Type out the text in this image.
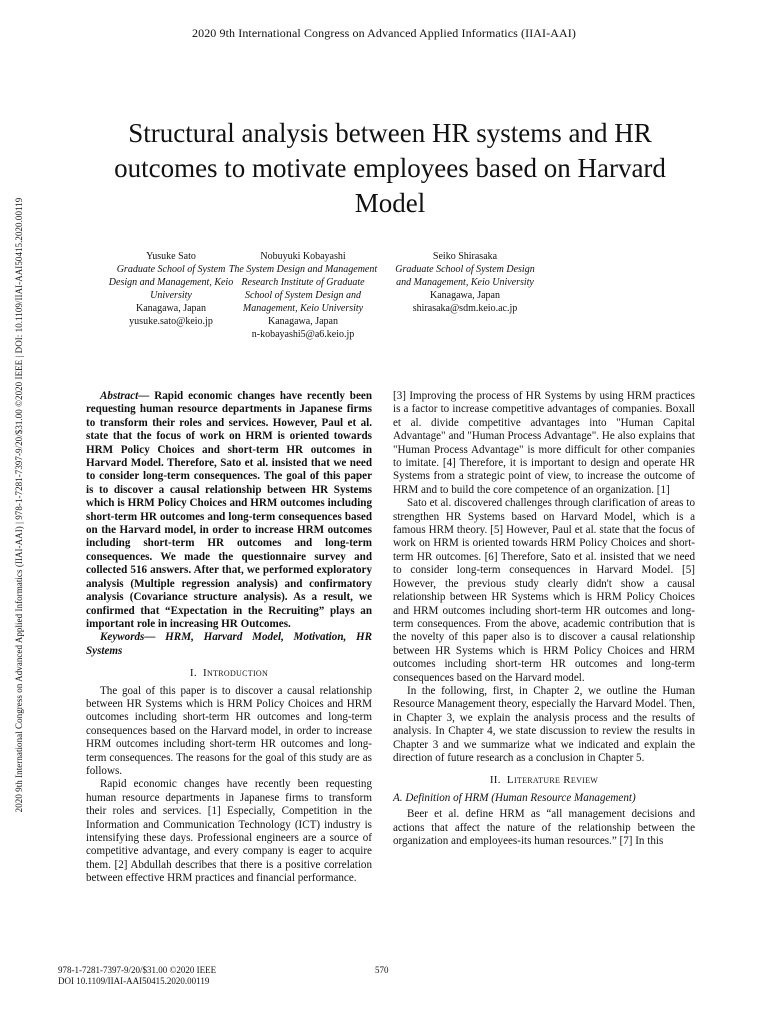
2020 9th International Congress on Advanced Applied Informatics (IIAI-AAI)
2020 9th International Congress on Advanced Applied Informatics (IIAI-AAI) | 978-1-7281-7397-9/20/$31.00 ©2020 IEEE | DOI: 10.1109/IIAI-AAI50415.2020.00119
Structural analysis between HR systems and HR
outcomes to motivate employees based on Harvard
Model
Yusuke Sato
Graduate School of System Design and Management, Keio University
Kanagawa, Japan
yusuke.sato@keio.jp
Nobuyuki Kobayashi
The System Design and Management Research Institute of Graduate School of System Design and Management, Keio University
Kanagawa, Japan
n-kobayashi5@a6.keio.jp
Seiko Shirasaka
Graduate School of System Design and Management, Keio University
Kanagawa, Japan
shirasaka@sdm.keio.ac.jp

Abstract— Rapid economic changes have recently been requesting human resource departments in Japanese firms to transform their roles and services. However, Paul et al. state that the focus of work on HRM is oriented towards HRM Policy Choices and short-term HR outcomes in Harvard Model. Therefore, Sato et al. insisted that we need to consider long-term consequences. The goal of this paper is to discover a causal relationship between HR Systems which is HRM Policy Choices and HRM outcomes including short-term HR outcomes and long-term consequences based on the Harvard model, in order to increase HRM outcomes including short-term HR outcomes and long-term consequences. We made the questionnaire survey and collected 516 answers. After that, we performed exploratory analysis (Multiple regression analysis) and confirmatory analysis (Covariance structure analysis). As a result, we confirmed that “Expectation in the Recruiting” plays an important role in increasing HR Outcomes.

Keywords— HRM, Harvard Model, Motivation, HR Systems

I. Introduction

The goal of this paper is to discover a causal relationship between HR Systems which is HRM Policy Choices and HRM outcomes including short-term HR outcomes and long-term consequences based on the Harvard model, in order to increase HRM outcomes including short-term HR outcomes and long-term consequences. The reasons for the goal of this study are as follows.

Rapid economic changes have recently been requesting human resource departments in Japanese firms to transform their roles and services. [1] Especially, Competition in the Information and Communication Technology (ICT) industry is intensifying these days. Professional engineers are a source of competitive advantage, and every company is eager to acquire them. [2] Abdullah describes that there is a positive correlation between effective HRM practices and financial performance.

[3] Improving the process of HR Systems by using HRM practices is a factor to increase competitive advantages of companies. Boxall et al. divide competitive advantages into "Human Capital Advantage" and "Human Process Advantage". He also explains that "Human Process Advantage" is more difficult for other companies to imitate. [4] Therefore, it is important to design and operate HR Systems from a strategic point of view, to increase the outcome of HRM and to build the core competence of an organization. [1]

Sato et al. discovered challenges through clarification of areas to strengthen HR Systems based on Harvard Model, which is a famous HRM theory. [5] However, Paul et al. state that the focus of work on HRM is oriented towards HRM Policy Choices and short-term HR outcomes. [6] Therefore, Sato et al. insisted that we need to consider long-term consequences in Harvard Model. [5] However, the previous study clearly didn't show a causal relationship between HR Systems which is HRM Policy Choices and HRM outcomes including short-term HR outcomes and long-term consequences. From the above, academic contribution that is the novelty of this paper also is to discover a causal relationship between HR Systems which is HRM Policy Choices and HRM outcomes including short-term HR outcomes and long-term consequences based on the Harvard model.

In the following, first, in Chapter 2, we outline the Human Resource Management theory, especially the Harvard Model. Then, in Chapter 3, we explain the analysis process and the results of analysis. In Chapter 4, we state discussion to review the results in Chapter 3 and we summarize what we indicated and explain the direction of future research as a conclusion in Chapter 5.

II. Literature Review
A. Definition of HRM (Human Resource Management)

Beer et al. define HRM as “all management decisions and actions that affect the nature of the relationship between the organization and employees-its human resources.” [7] In this

978-1-7281-7397-9/20/$31.00 ©2020 IEEE
DOI 10.1109/IIAI-AAI50415.2020.00119
570
